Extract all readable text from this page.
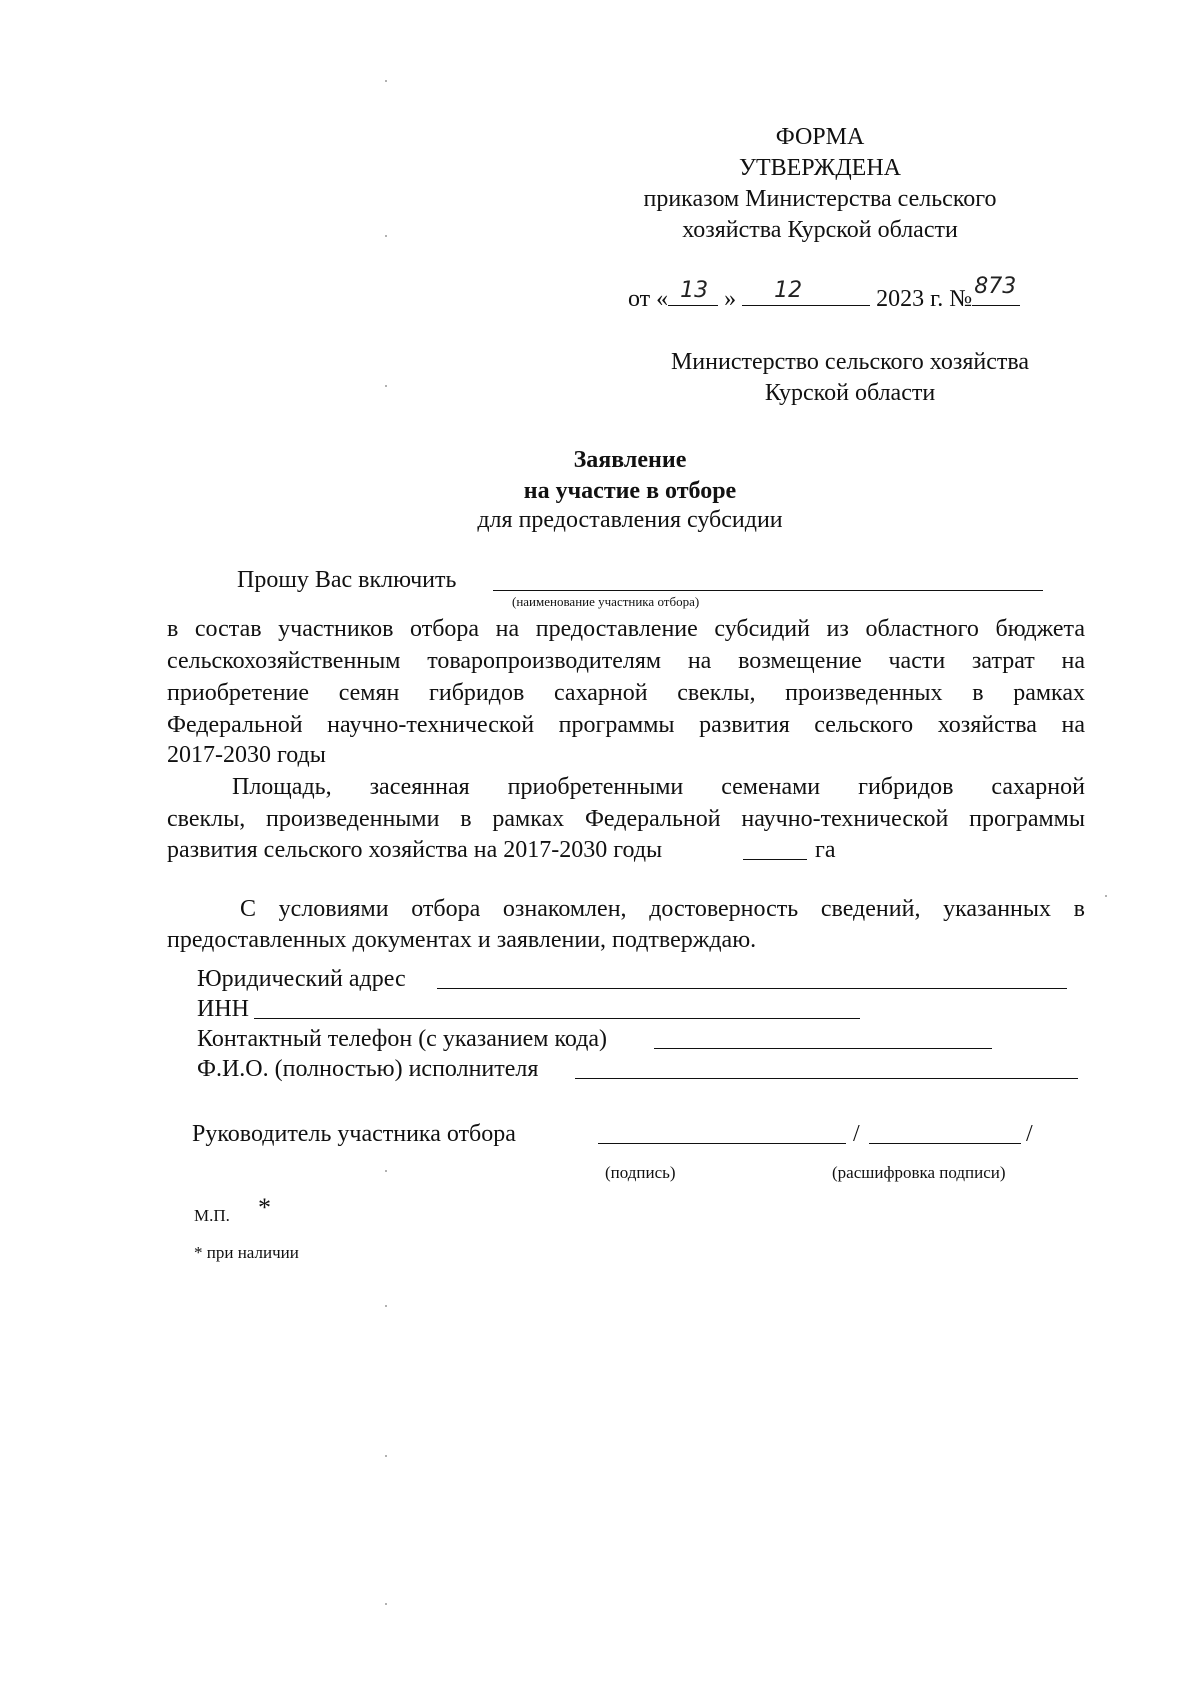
ФОРМА
УТВЕРЖДЕНА
приказом Министерства сельского
хозяйства Курской области
от « 13 » 12	2023 г. № 873
Министерство сельского хозяйства
Курской области
Заявление
на участие в отборе
для предоставления субсидии
Прошу Вас включить
(наименование участника отбора)
в состав участников отбора на предоставление субсидий из областного бюджета
сельскохозяйственным товаропроизводителям на возмещение части затрат на
приобретение семян гибридов сахарной свеклы, произведенных в рамках
Федеральной научно-технической программы развития сельского хозяйства на
2017-2030 годы
Площадь, засеянная приобретенными семенами гибридов сахарной
свеклы, произведенными в рамках Федеральной научно-технической программы
развития сельского хозяйства на 2017-2030 годы	га
С условиями отбора ознакомлен, достоверность сведений, указанных в
предоставленных документах и заявлении, подтверждаю.
Юридический адрес
ИНН
Контактный телефон (с указанием кода)
Ф.И.О. (полностью) исполнителя
Руководитель участника отбора	/	/
(подпись)	(расшифровка подписи)
М.П. *
* при наличии
